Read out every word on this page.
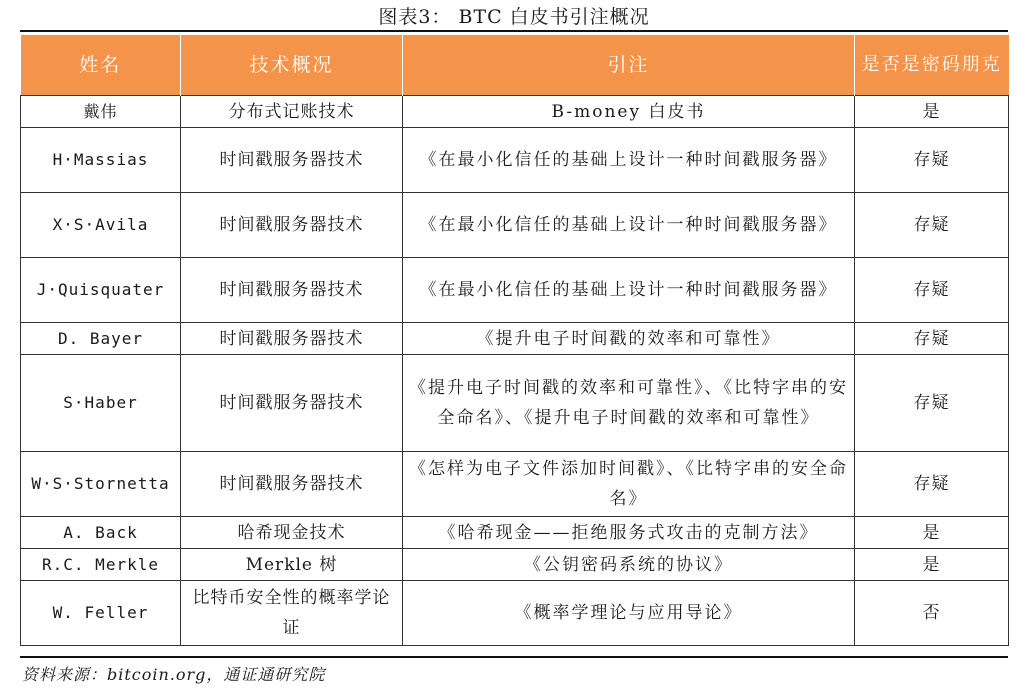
图表3： BTC 白皮书引注概况
姓名	技术概况	引注	是否是密码朋克
戴伟	分布式记账技术	B-money 白皮书	是
H·Massias	时间戳服务器技术	《在最小化信任的基础上设计一种时间戳服务器》	存疑
X·S·Avila	时间戳服务器技术	《在最小化信任的基础上设计一种时间戳服务器》	存疑
J·Quisquater	时间戳服务器技术	《在最小化信任的基础上设计一种时间戳服务器》	存疑
D. Bayer	时间戳服务器技术	《提升电子时间戳的效率和可靠性》	存疑
S·Haber	时间戳服务器技术	《提升电子时间戳的效率和可靠性》、《比特字串的安全命名》、《提升电子时间戳的效率和可靠性》	存疑
W·S·Stornetta	时间戳服务器技术	《怎样为电子文件添加时间戳》、《比特字串的安全命名》	存疑
A. Back	哈希现金技术	《哈希现金——拒绝服务式攻击的克制方法》	是
R.C. Merkle	Merkle 树	《公钥密码系统的协议》	是
W. Feller	比特币安全性的概率学论证	《概率学理论与应用导论》	否
资料来源：bitcoin.org，通证通研究院
